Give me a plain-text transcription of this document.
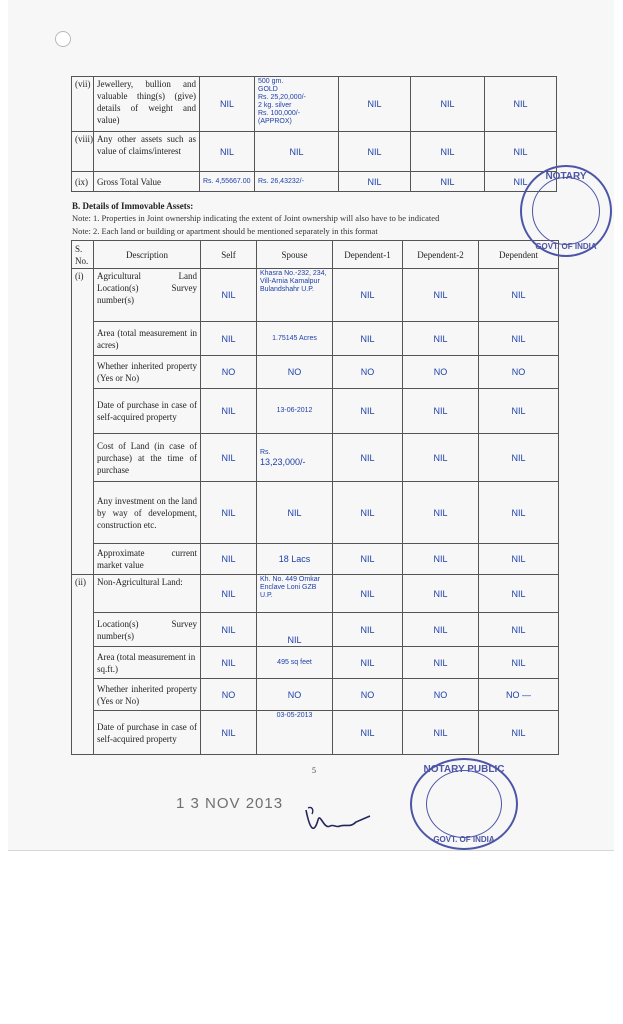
(vii)	Jewellery, bullion and valuable thing(s) (give) details of weight and value)	NIL	500 gm.
GOLD
Rs. 25,20,000/-
2 kg. silver
Rs. 100,000/- (APPROX)	NIL	NIL	NIL
(viii)	Any other assets such as value of claims/interest	NIL	NIL	NIL	NIL	NIL
(ix)	Gross Total Value	Rs. 4,55667.00	Rs. 26,43232/-	NIL	NIL	NIL
B. Details of Immovable Assets:
Note: 1. Properties in Joint ownership indicating the extent of Joint ownership will also have to be indicated
Note: 2. Each land or building or apartment should be mentioned separately in this format
S. No.	Description	Self	Spouse	Dependent-1	Dependent-2	Dependent
(i)	Agricultural Land Location(s) Survey number(s)	NIL	Khasra No.-232, 234, Vill-Arnia Kamalpur Bulandshahr U.P.	NIL	NIL	NIL
	Area (total measurement in acres)	NIL	1.75145 Acres	NIL	NIL	NIL
	Whether inherited property (Yes or No)	NO	NO	NO	NO	NO
	Date of purchase in case of self-acquired property	NIL	13-06-2012	NIL	NIL	NIL
	Cost of Land (in case of purchase) at the time of purchase	NIL	Rs.
13,23,000/-	NIL	NIL	NIL
	Any investment on the land by way of development, construction etc.	NIL	NIL	NIL	NIL	NIL
	Approximate current market value	NIL	18 Lacs	NIL	NIL	NIL
(ii)	Non-Agricultural Land:	NIL	Kh. No. 449 Omkar Enclave Loni GZB U.P.	NIL	NIL	NIL
	Location(s) Survey number(s)	NIL	NIL	NIL	NIL	NIL
	Area (total measurement in sq.ft.)	NIL	495 sq feet	NIL	NIL	NIL
	Whether inherited property (Yes or No)	NO	NO	NO	NO	NO —
	Date of purchase in case of self-acquired property	NIL	03-05-2013	NIL	NIL	NIL
5
1 3 NOV 2013
NOTARY
GOVT. OF INDIA
NOTARY PUBLIC
GOVT. OF INDIA
